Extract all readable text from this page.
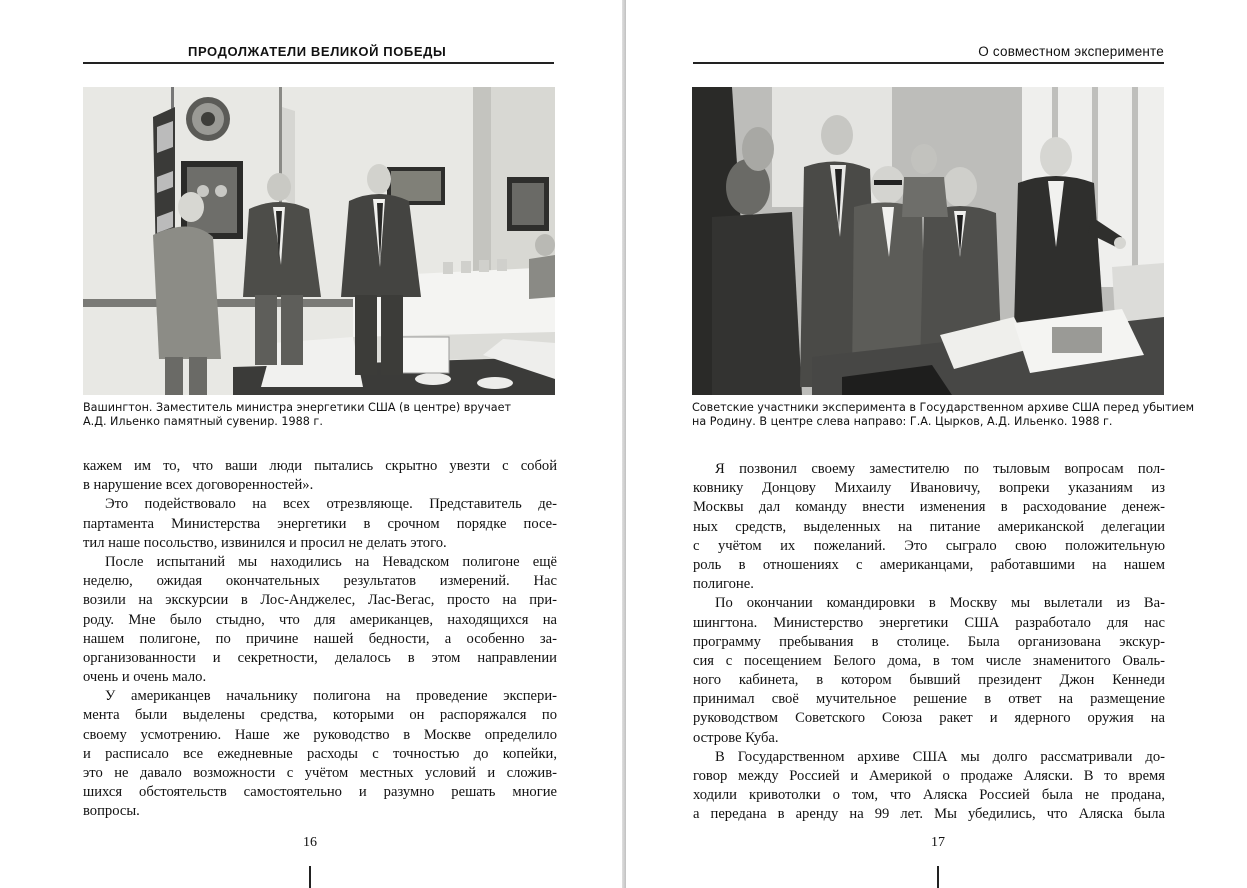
ПРОДОЛЖАТЕЛИ ВЕЛИКОЙ ПОБЕДЫ
Вашингтон. Заместитель министра энергетики США (в центре) вручает
А.Д. Ильенко памятный сувенир. 1988 г.
кажем им то, что ваши люди пытались скрытно увезти с собой
в нарушение всех договоренностей».
Это подействовало на всех отрезвляюще. Представитель де-
партамента Министерства энергетики в срочном порядке посе-
тил наше посольство, извинился и просил не делать этого.
После испытаний мы находились на Невадском полигоне ещё
неделю, ожидая окончательных результатов измерений. Нас
возили на экскурсии в Лос-Анджелес, Лас-Вегас, просто на при-
роду. Мне было стыдно, что для американцев, находящихся на
нашем полигоне, по причине нашей бедности, а особенно за-
организованности и секретности, делалось в этом направлении
очень и очень мало.
У американцев начальнику полигона на проведение экспери-
мента были выделены средства, которыми он распоряжался по
своему усмотрению. Наше же руководство в Москве определило
и расписало все ежедневные расходы с точностью до копейки,
это не давало возможности с учётом местных условий и сложив-
шихся обстоятельств самостоятельно и разумно решать многие
вопросы.
16
О совместном эксперименте
Советские участники эксперимента в Государственном архиве США перед убытием
на Родину. В центре слева направо: Г.А. Цырков, А.Д. Ильенко. 1988 г.
Я позвонил своему заместителю по тыловым вопросам пол-
ковнику Донцову Михаилу Ивановичу, вопреки указаниям из
Москвы дал команду внести изменения в расходование денеж-
ных средств, выделенных на питание американской делегации
с учётом их пожеланий. Это сыграло свою положительную
роль в отношениях с американцами, работавшими на нашем
полигоне.
По окончании командировки в Москву мы вылетали из Ва-
шингтона. Министерство энергетики США разработало для нас
программу пребывания в столице. Была организована экскур-
сия с посещением Белого дома, в том числе знаменитого Оваль-
ного кабинета, в котором бывший президент Джон Кеннеди
принимал своё мучительное решение в ответ на размещение
руководством Советского Союза ракет и ядерного оружия на
острове Куба.
В Государственном архиве США мы долго рассматривали до-
говор между Россией и Америкой о продаже Аляски. В то время
ходили кривотолки о том, что Аляска Россией была не продана,
а передана в аренду на 99 лет. Мы убедились, что Аляска была
17
